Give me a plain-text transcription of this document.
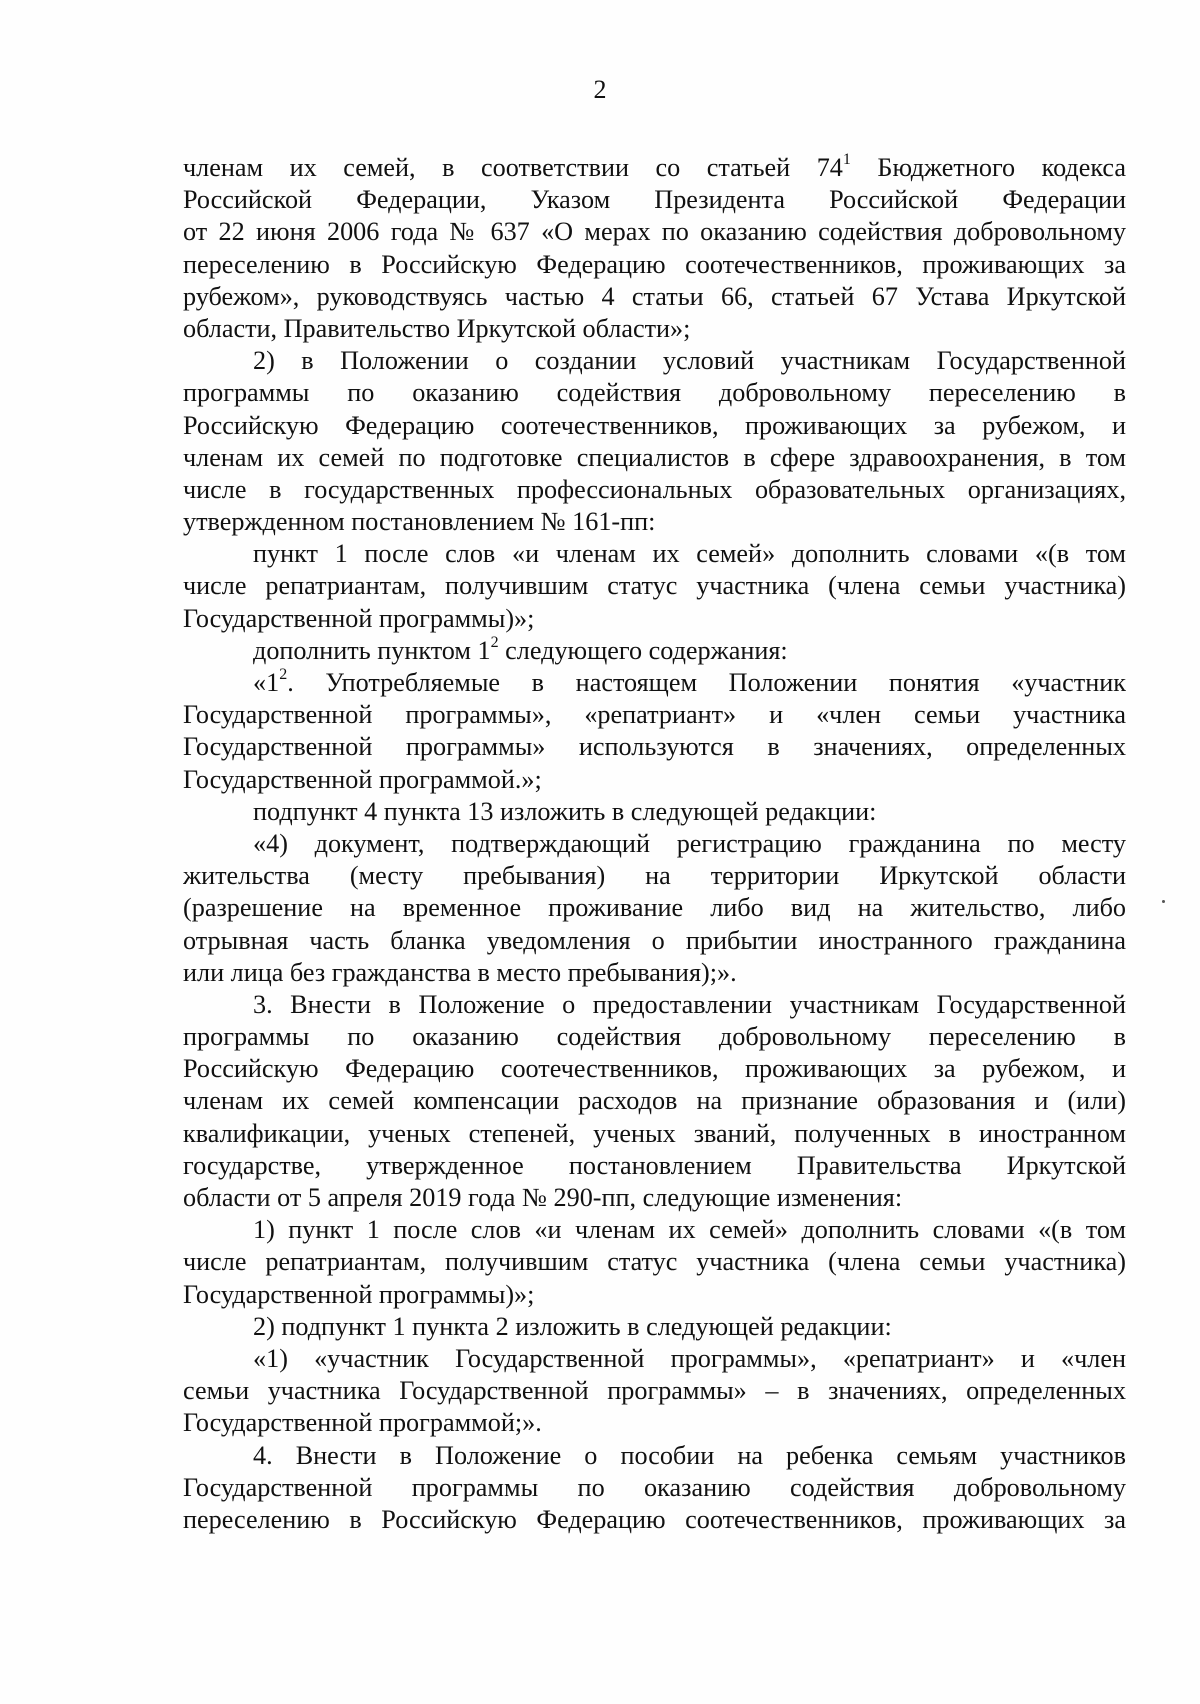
2
членам их семей, в соответствии со статьей $74^1$ Бюджетного кодекса
Российской Федерации, Указом Президента Российской Федерации
от 22 июня 2006 года № 637 «О мерах по оказанию содействия добровольному
переселению в Российскую Федерацию соотечественников, проживающих за
рубежом», руководствуясь частью 4 статьи 66, статьей 67 Устава Иркутской
области, Правительство Иркутской области»;
2) в Положении о создании условий участникам Государственной
программы по оказанию содействия добровольному переселению в
Российскую Федерацию соотечественников, проживающих за рубежом, и
членам их семей по подготовке специалистов в сфере здравоохранения, в том
числе в государственных профессиональных образовательных организациях,
утвержденном постановлением № 161-пп:
пункт 1 после слов «и членам их семей» дополнить словами «(в том
числе репатриантам, получившим статус участника (члена семьи участника)
Государственной программы)»;
дополнить пунктом $1^2$ следующего содержания:
«$1^2$. Употребляемые в настоящем Положении понятия «участник
Государственной программы», «репатриант» и «член семьи участника
Государственной программы» используются в значениях, определенных
Государственной программой.»;
подпункт 4 пункта 13 изложить в следующей редакции:
«4) документ, подтверждающий регистрацию гражданина по месту
жительства (месту пребывания) на территории Иркутской области
(разрешение на временное проживание либо вид на жительство, либо
отрывная часть бланка уведомления о прибытии иностранного гражданина
или лица без гражданства в место пребывания);».
3. Внести в Положение о предоставлении участникам Государственной
программы по оказанию содействия добровольному переселению в
Российскую Федерацию соотечественников, проживающих за рубежом, и
членам их семей компенсации расходов на признание образования и (или)
квалификации, ученых степеней, ученых званий, полученных в иностранном
государстве, утвержденное постановлением Правительства Иркутской
области от 5 апреля 2019 года № 290-пп, следующие изменения:
1) пункт 1 после слов «и членам их семей» дополнить словами «(в том
числе репатриантам, получившим статус участника (члена семьи участника)
Государственной программы)»;
2) подпункт 1 пункта 2 изложить в следующей редакции:
«1) «участник Государственной программы», «репатриант» и «член
семьи участника Государственной программы» – в значениях, определенных
Государственной программой;».
4. Внести в Положение о пособии на ребенка семьям участников
Государственной программы по оказанию содействия добровольному
переселению в Российскую Федерацию соотечественников, проживающих за
